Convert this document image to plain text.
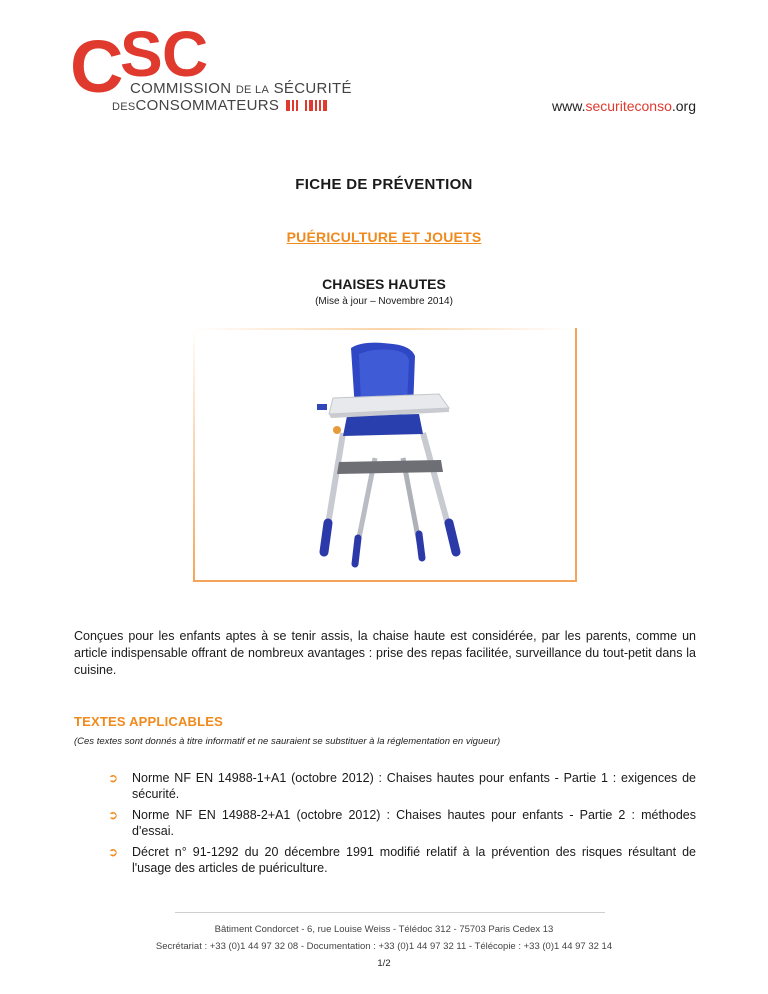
C
S C
COMMISSION DE LA SÉCURITÉ
DESCONSOMMATEURS	www.securiteconso.org
FICHE DE PRÉVENTION
PUÉRICULTURE ET JOUETS
CHAISES HAUTES
(Mise à jour – Novembre 2014)
Conçues pour les enfants aptes à se tenir assis, la chaise haute est considérée, par les parents, comme un article indispensable offrant de nombreux avantages : prise des repas facilitée, surveillance du tout-petit dans la cuisine.
TEXTES APPLICABLES
(Ces textes sont donnés à titre informatif et ne sauraient se substituer à la réglementation en vigueur)
➲ Norme NF EN 14988-1+A1 (octobre 2012) : Chaises hautes pour enfants - Partie 1 : exigences de sécurité.
➲ Norme NF EN 14988-2+A1 (octobre 2012) : Chaises hautes pour enfants - Partie 2 : méthodes d'essai.
➲ Décret n° 91-1292 du 20 décembre 1991 modifié relatif à la prévention des risques résultant de l'usage des articles de puériculture.
Bâtiment Condorcet - 6, rue Louise Weiss - Télédoc 312 - 75703 Paris Cedex 13
Secrétariat : +33 (0)1 44 97 32 08 - Documentation : +33 (0)1 44 97 32 11 - Télécopie : +33 (0)1 44 97 32 14
1/2
